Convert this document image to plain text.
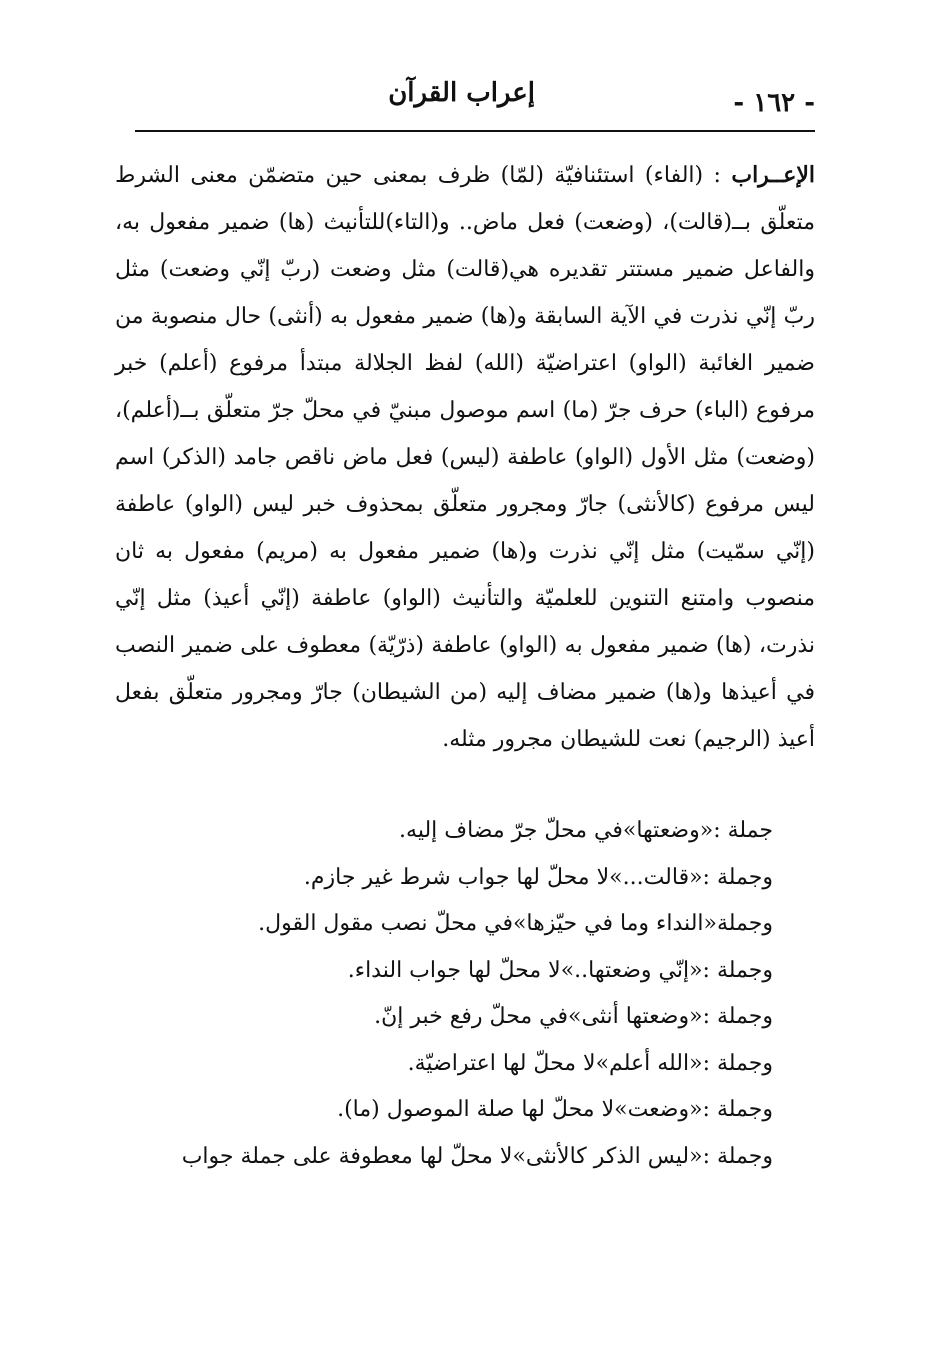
- ١٦٢ -
إعراب القرآن

الإعــراب : (الفاء) استئنافيّة (لمّا) ظرف بمعنى حين متضمّن معنى الشرط متعلّق بــ(قالت)، (وضعت) فعل ماض.. و(التاء)للتأنيث (ها) ضمير مفعول به، والفاعل ضمير مستتر تقديره هي(قالت) مثل وضعت (ربّ إنّي وضعت) مثل ربّ إنّي نذرت في الآية السابقة و(ها) ضمير مفعول به (أنثى) حال منصوبة من ضمير الغائبة (الواو) اعتراضيّة (الله) لفظ الجلالة مبتدأ مرفوع (أعلم) خبر مرفوع (الباء) حرف جرّ (ما) اسم موصول مبنيّ في محلّ جرّ متعلّق بــ(أعلم)، (وضعت) مثل الأول (الواو) عاطفة (ليس) فعل ماض ناقص جامد (الذكر) اسم ليس مرفوع (كالأنثى) جارّ ومجرور متعلّق بمحذوف خبر ليس (الواو) عاطفة (إنّي سمّيت) مثل إنّي نذرت و(ها) ضمير مفعول به (مريم) مفعول به ثان منصوب وامتنع التنوين للعلميّة والتأنيث (الواو) عاطفة (إنّي أعيذ) مثل إنّي نذرت، (ها) ضمير مفعول به (الواو) عاطفة (ذرّيّة) معطوف على ضمير النصب في أعيذها و(ها) ضمير مضاف إليه (من الشيطان) جارّ ومجرور متعلّق بفعل أعيذ (الرجيم) نعت للشيطان مجرور مثله.

جملة :«وضعتها»في محلّ جرّ مضاف إليه.
وجملة :«قالت...»لا محلّ لها جواب شرط غير جازم.
وجملة«النداء وما في حيّزها»في محلّ نصب مقول القول.
وجملة :«إنّي وضعتها..»لا محلّ لها جواب النداء.
وجملة :«وضعتها أنثى»في محلّ رفع خبر إنّ.
وجملة :«الله أعلم»لا محلّ لها اعتراضيّة.
وجملة :«وضعت»لا محلّ لها صلة الموصول (ما).
وجملة :«ليس الذكر كالأنثى»لا محلّ لها معطوفة على جملة جواب
